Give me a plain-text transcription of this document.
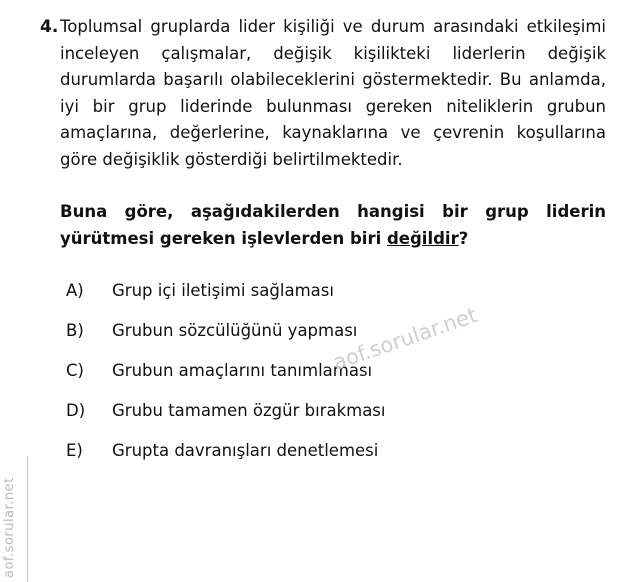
4. Toplumsal gruplarda lider kişiliği ve durum arasındaki etkileşimi inceleyen çalışmalar, değişik kişilikteki liderlerin değişik durumlarda başarılı olabileceklerini göstermektedir. Bu anlamda, iyi bir grup liderinde bulunması gereken niteliklerin grubun amaçlarına, değerlerine, kaynaklarına ve çevrenin koşullarına göre değişiklik gösterdiği belirtilmektedir.
Buna göre, aşağıdakilerden hangisi bir grup liderin yürütmesi gereken işlevlerden biri değildir?
A)	Grup içi iletişimi sağlaması
B)	Grubun sözcülüğünü yapması
C)	Grubun amaçlarını tanımlaması
D)	Grubu tamamen özgür bırakması
E)	Grupta davranışları denetlemesi
aof.sorular.net
aof.sorular.net
